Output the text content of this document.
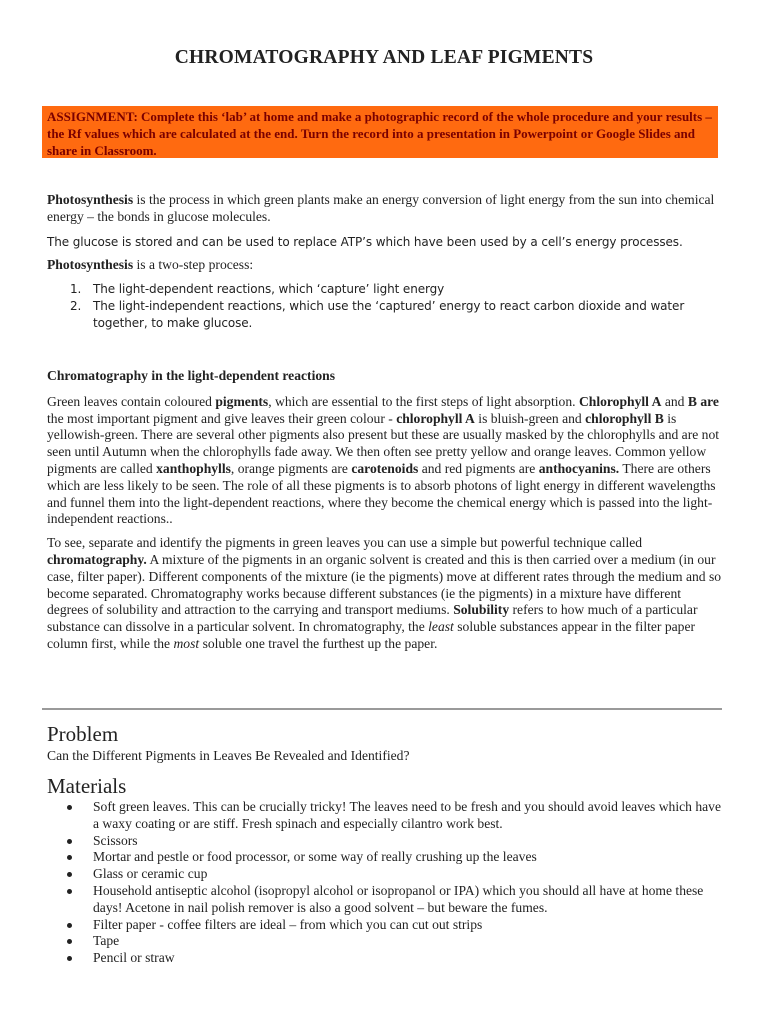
CHROMATOGRAPHY AND LEAF PIGMENTS
ASSIGNMENT: Complete this ‘lab’ at home and make a photographic record of the whole procedure and your results – the Rf values which are calculated at the end. Turn the record into a presentation in Powerpoint or Google Slides and share in Classroom.

Photosynthesis is the process in which green plants make an energy conversion of light energy from the sun into chemical energy – the bonds in glucose molecules.

The glucose is stored and can be used to replace ATP’s which have been used by a cell’s energy processes.

Photosynthesis is a two-step process:

1. The light-dependent reactions, which ‘capture’ light energy
2. The light-independent reactions, which use the ‘captured’ energy to react carbon dioxide and water together, to make glucose.
Chromatography in the light-dependent reactions

Green leaves contain coloured pigments, which are essential to the first steps of light absorption. Chlorophyll A and B are the most important pigment and give leaves their green colour - chlorophyll A is bluish-green and chlorophyll B is yellowish-green. There are several other pigments also present but these are usually masked by the chlorophylls and are not seen until Autumn when the chlorophylls fade away. We then often see pretty yellow and orange leaves. Common yellow pigments are called xanthophylls, orange pigments are carotenoids and red pigments are anthocyanins. There are others which are less likely to be seen. The role of all these pigments is to absorb photons of light energy in different wavelengths and funnel them into the light-dependent reactions, where they become the chemical energy which is passed into the light-independent reactions..

To see, separate and identify the pigments in green leaves you can use a simple but powerful technique called chromatography. A mixture of the pigments in an organic solvent is created and this is then carried over a medium (in our case, filter paper). Different components of the mixture (ie the pigments) move at different rates through the medium and so become separated. Chromatography works because different substances (ie the pigments) in a mixture have different degrees of solubility and attraction to the carrying and transport mediums. Solubility refers to how much of a particular substance can dissolve in a particular solvent. In chromatography, the least soluble substances appear in the filter paper column first, while the most soluble one travel the furthest up the paper.

Problem
Can the Different Pigments in Leaves Be Revealed and Identified?
Materials
Soft green leaves. This can be crucially tricky! The leaves need to be fresh and you should avoid leaves which have a waxy coating or are stiff. Fresh spinach and especially cilantro work best.
Scissors
Mortar and pestle or food processor, or some way of really crushing up the leaves
Glass or ceramic cup
Household antiseptic alcohol (isopropyl alcohol or isopropanol or IPA) which you should all have at home these days! Acetone in nail polish remover is also a good solvent – but beware the fumes.
Filter paper - coffee filters are ideal – from which you can cut out strips
Tape
Pencil or straw
